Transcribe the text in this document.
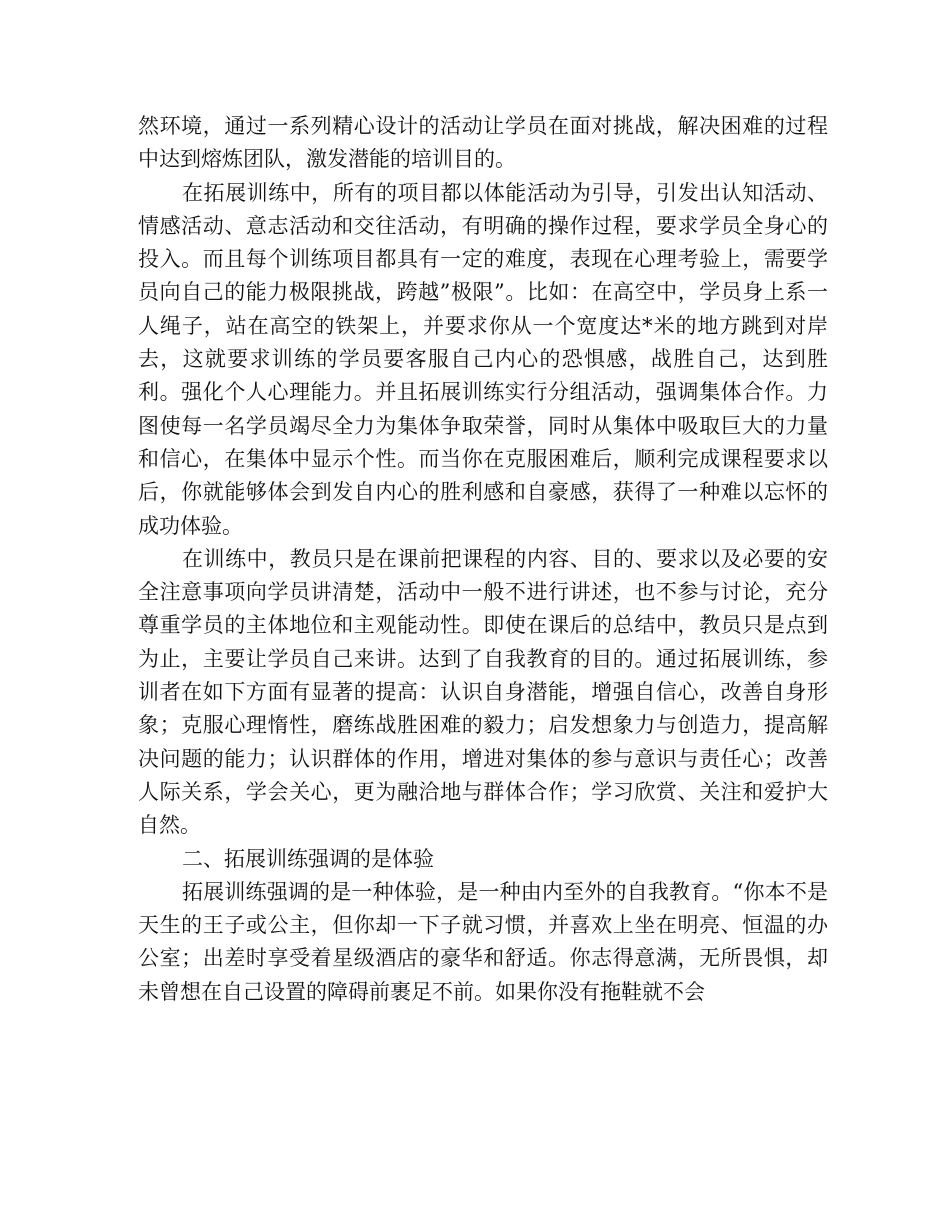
然环境，通过一系列精心设计的活动让学员在面对挑战，解决困难的过程中达到熔炼团队，激发潜能的培训目的。

在拓展训练中，所有的项目都以体能活动为引导，引发出认知活动、情感活动、意志活动和交往活动，有明确的操作过程，要求学员全身心的投入。而且每个训练项目都具有一定的难度，表现在心理考验上，需要学员向自己的能力极限挑战，跨越”极限”。比如：在高空中，学员身上系一人绳子，站在高空的铁架上，并要求你从一个宽度达*米的地方跳到对岸去，这就要求训练的学员要客服自己内心的恐惧感，战胜自己，达到胜利。强化个人心理能力。并且拓展训练实行分组活动，强调集体合作。力图使每一名学员竭尽全力为集体争取荣誉，同时从集体中吸取巨大的力量和信心，在集体中显示个性。而当你在克服困难后，顺利完成课程要求以后，你就能够体会到发自内心的胜利感和自豪感，获得了一种难以忘怀的成功体验。

在训练中，教员只是在课前把课程的内容、目的、要求以及必要的安全注意事项向学员讲清楚，活动中一般不进行讲述，也不参与讨论，充分尊重学员的主体地位和主观能动性。即使在课后的总结中，教员只是点到为止，主要让学员自己来讲。达到了自我教育的目的。通过拓展训练，参训者在如下方面有显著的提高：认识自身潜能，增强自信心，改善自身形象；克服心理惰性，磨练战胜困难的毅力；启发想象力与创造力，提高解决问题的能力；认识群体的作用，增进对集体的参与意识与责任心；改善人际关系，学会关心，更为融洽地与群体合作；学习欣赏、关注和爱护大自然。

二、拓展训练强调的是体验

拓展训练强调的是一种体验，是一种由内至外的自我教育。“你本不是天生的王子或公主，但你却一下子就习惯，并喜欢上坐在明亮、恒温的办公室；出差时享受着星级酒店的豪华和舒适。你志得意满，无所畏惧，却未曾想在自己设置的障碍前裹足不前。如果你没有拖鞋就不会
